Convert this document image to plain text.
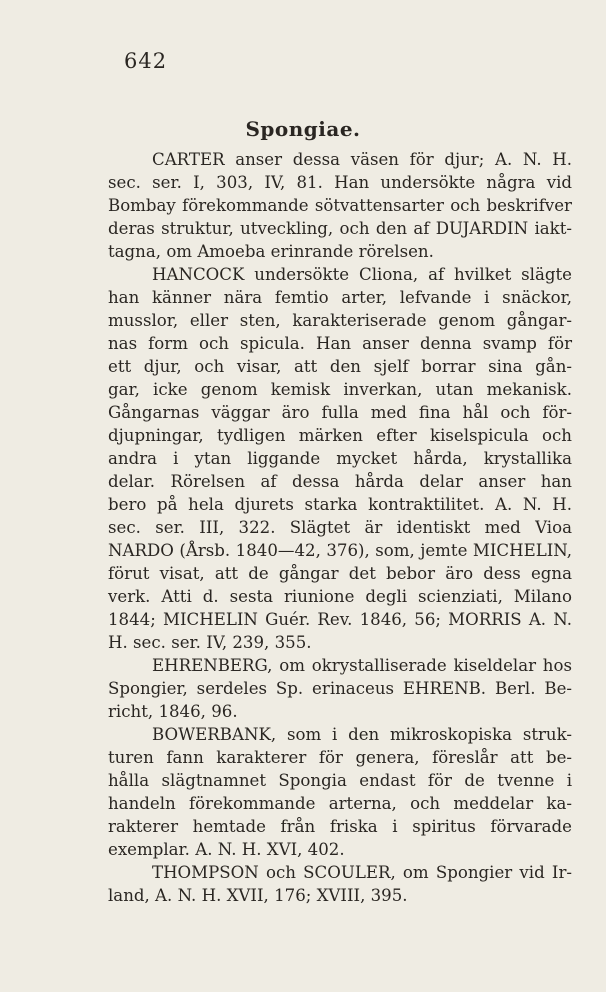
642
Spongiae.
CARTER anser dessa väsen för djur; A. N. H.
sec. ser. I, 303, IV, 81. Han undersökte några vid
Bombay förekommande sötvattensarter och beskrifver
deras struktur, utveckling, och den af DUJARDIN iakt-
tagna, om Amoeba erinrande rörelsen.
HANCOCK undersökte Cliona, af hvilket slägte
han känner nära femtio arter, lefvande i snäckor,
musslor, eller sten, karakteriserade genom gångar-
nas form och spicula. Han anser denna svamp för
ett djur, och visar, att den sjelf borrar sina gån-
gar, icke genom kemisk inverkan, utan mekanisk.
Gångarnas väggar äro fulla med fina hål och för-
djupningar, tydligen märken efter kiselspicula och
andra i ytan liggande mycket hårda, krystallika
delar. Rörelsen af dessa hårda delar anser han
bero på hela djurets starka kontraktilitet. A. N. H.
sec. ser. III, 322. Slägtet är identiskt med Vioa
NARDO (Årsb. 1840—42, 376), som, jemte MICHELIN,
förut visat, att de gångar det bebor äro dess egna
verk. Atti d. sesta riunione degli scienziati, Milano
1844; MICHELIN Guér. Rev. 1846, 56; MORRIS A. N.
H. sec. ser. IV, 239, 355.
EHRENBERG, om okrystalliserade kiseldelar hos
Spongier, serdeles Sp. erinaceus EHRENB. Berl. Be-
richt, 1846, 96.
BOWERBANK, som i den mikroskopiska struk-
turen fann karakterer för genera, föreslår att be-
hålla slägtnamnet Spongia endast för de tvenne i
handeln förekommande arterna, och meddelar ka-
rakterer hemtade från friska i spiritus förvarade
exemplar. A. N. H. XVI, 402.
THOMPSON och SCOULER, om Spongier vid Ir-
land, A. N. H. XVII, 176; XVIII, 395.
